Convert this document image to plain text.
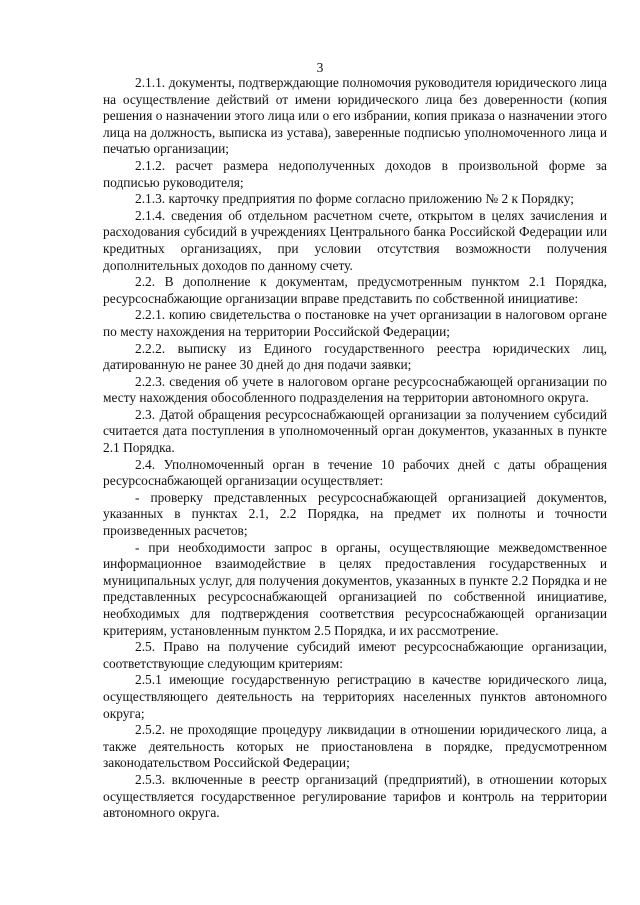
3

2.1.1. документы, подтверждающие полномочия руководителя юридического лица на осуществление действий от имени юридического лица без доверенности (копия решения о назначении этого лица или о его избрании, копия приказа о назначении этого лица на должность, выписка из устава), заверенные подписью уполномоченного лица и печатью организации;

2.1.2. расчет размера недополученных доходов в произвольной форме за подписью руководителя;

2.1.3. карточку предприятия по форме согласно приложению № 2 к Порядку;

2.1.4. сведения об отдельном расчетном счете, открытом в целях зачисления и расходования субсидий в учреждениях Центрального банка Российской Федерации или кредитных организациях, при условии отсутствия возможности получения дополнительных доходов по данному счету.

2.2. В дополнение к документам, предусмотренным пунктом 2.1 Порядка, ресурсоснабжающие организации вправе представить по собственной инициативе:

2.2.1. копию свидетельства о постановке на учет организации в налоговом органе по месту нахождения на территории Российской Федерации;

2.2.2. выписку из Единого государственного реестра юридических лиц, датированную не ранее 30 дней до дня подачи заявки;

2.2.3. сведения об учете в налоговом органе ресурсоснабжающей организации по месту нахождения обособленного подразделения на территории автономного округа.

2.3. Датой обращения ресурсоснабжающей организации за получением субсидий считается дата поступления в уполномоченный орган документов, указанных в пункте 2.1 Порядка.

2.4. Уполномоченный орган в течение 10 рабочих дней с даты обращения ресурсоснабжающей организации осуществляет:

- проверку представленных ресурсоснабжающей организацией документов, указанных в пунктах 2.1, 2.2 Порядка, на предмет их полноты и точности произведенных расчетов;

- при необходимости запрос в органы, осуществляющие межведомственное информационное взаимодействие в целях предоставления государственных и муниципальных услуг, для получения документов, указанных в пункте 2.2 Порядка и не представленных ресурсоснабжающей организацией по собственной инициативе, необходимых для подтверждения соответствия ресурсоснабжающей организации критериям, установленным пунктом 2.5 Порядка, и их рассмотрение.

2.5. Право на получение субсидий имеют ресурсоснабжающие организации, соответствующие следующим критериям:

2.5.1 имеющие государственную регистрацию в качестве юридического лица, осуществляющего деятельность на территориях населенных пунктов автономного округа;

2.5.2. не проходящие процедуру ликвидации в отношении юридического лица, а также деятельность которых не приостановлена в порядке, предусмотренном законодательством Российской Федерации;

2.5.3. включенные в реестр организаций (предприятий), в отношении которых осуществляется государственное регулирование тарифов и контроль на территории автономного округа.
